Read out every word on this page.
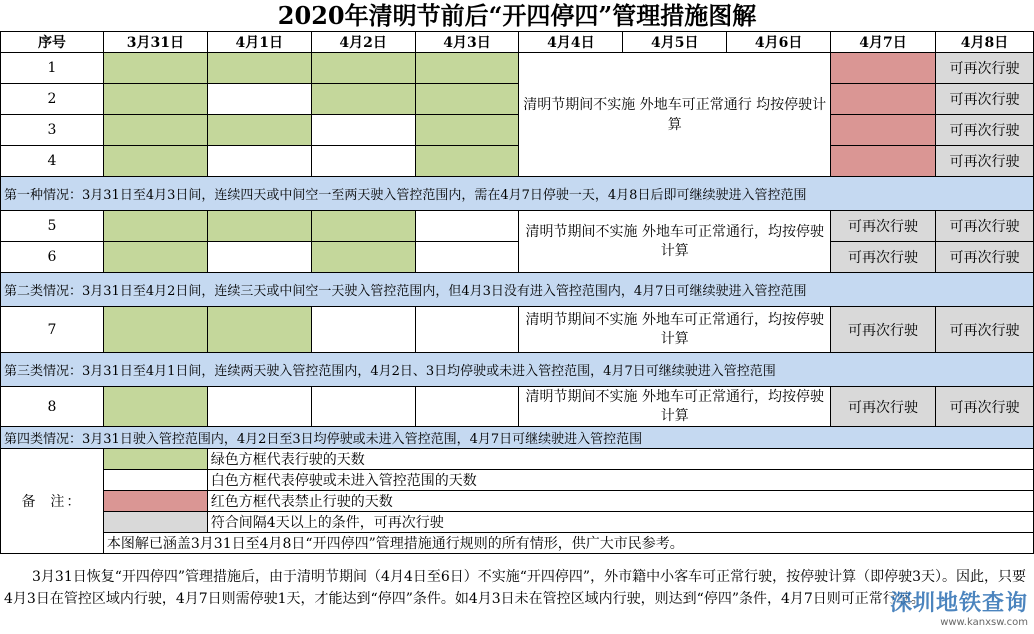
2020年清明节前后“开四停四”管理措施图解
序号	3月31日	4月1日	4月2日	4月3日	4月4日	4月5日	4月6日	4月7日	4月8日
1					清明节期间不实施 外地车可正常通行 均按停驶计算				可再次行驶
2									可再次行驶
3									可再次行驶
4									可再次行驶
第一种情况：3月31日至4月3日间，连续四天或中间空一至两天驶入管控范围内，需在4月7日停驶一天，4月8日后即可继续驶进入管控范围									
5					清明节期间不实施 外地车可正常通行，均按停驶计算			可再次行驶	可再次行驶
6								可再次行驶	可再次行驶
第二类情况：3月31日至4月2日间，连续三天或中间空一天驶入管控范围内，但4月3日没有进入管控范围内，4月7日可继续驶进入管控范围									
7					清明节期间不实施 外地车可正常通行，均按停驶计算			可再次行驶	可再次行驶
第三类情况：3月31日至4月1日间，连续两天驶入管控范围内，4月2日、3日均停驶或未进入管控范围，4月7日可继续驶进入管控范围									
8					清明节期间不实施 外地车可正常通行，均按停驶计算			可再次行驶	可再次行驶
第四类情况：3月31日驶入管控范围内，4月2日至3日均停驶或未进入管控范围，4月7日可继续驶进入管控范围									
备  注：		绿色方框代表行驶的天数							
		白色方框代表停驶或未进入管控范围的天数							
		红色方框代表禁止行驶的天数							
		符合间隔4天以上的条件，可再次行驶							
	本图解已涵盖3月31日至4月8日“开四停四”管理措施通行规则的所有情形，供广大市民参考。								
3月31日恢复“开四停四”管理措施后，由于清明节期间（4月4日至6日）不实施“开四停四”，外市籍中小客车可正常行驶，按停驶计算（即停驶3天）。因此，只要4月3日在管控区域内行驶，4月7日则需停驶1天，才能达到“停四”条件。如4月3日未在管控区域内行驶，则达到“停四”条件，4月7日则可正常行驶。
深圳地铁查询
www.kanxsw.com
